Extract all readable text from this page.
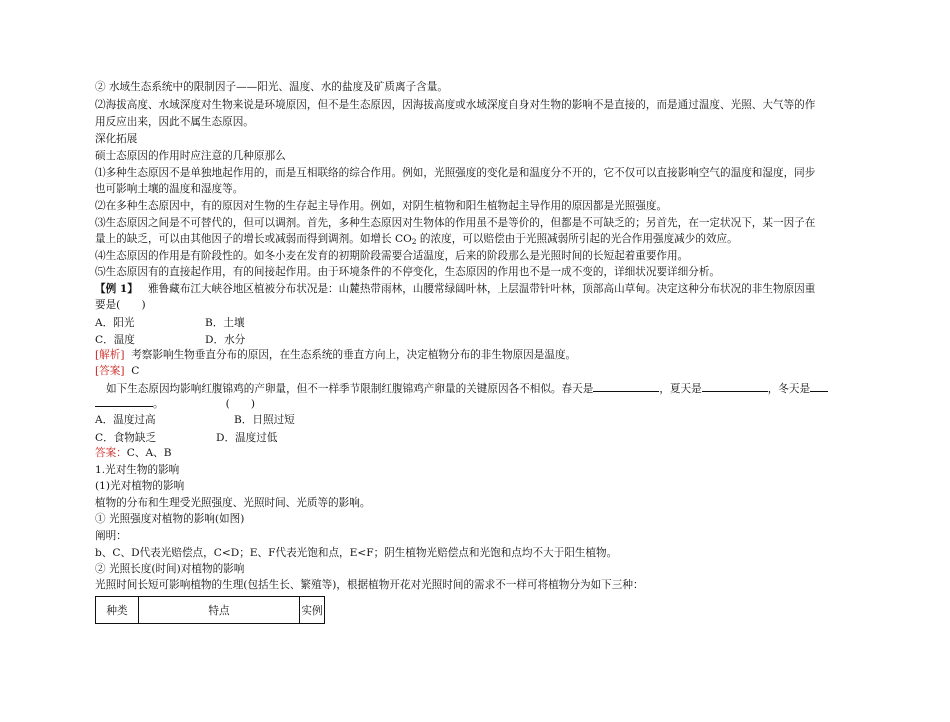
② 水域生态系统中的限制因子——阳光、温度、水的盐度及矿质离子含量。
⑵海拔高度、水域深度对生物来说是环境原因，但不是生态原因，因海拔高度或水域深度自身对生物的影响不是直接的，而是通过温度、光照、大气等的作
用反应出来，因此不属生态原因。
深化拓展
硕士态原因的作用时应注意的几种原那么
⑴多种生态原因不是单独地起作用的，而是互相联络的综合作用。例如，光照强度的变化是和温度分不开的，它不仅可以直接影响空气的温度和湿度，同步
也可影响土壤的温度和湿度等。
⑵在多种生态原因中，有的原因对生物的生存起主导作用。例如，对阴生植物和阳生植物起主导作用的原因都是光照强度。
⑶生态原因之间是不可替代的，但可以调剂。首先，多种生态原因对生物体的作用虽不是等价的，但都是不可缺乏的；另首先，在一定状况下，某一因子在
量上的缺乏，可以由其他因子的增长或减弱而得到调剂。如增长 $CO_2$ 的浓度，可以赔偿由于光照减弱所引起的光合作用强度减少的效应。
⑷生态原因的作用是有阶段性的。如冬小麦在发育的初期阶段需要合适温度，后来的阶段那么是光照时间的长短起着重要作用。
⑸生态原因有的直接起作用，有的间接起作用。由于环境条件的不停变化，生态原因的作用也不是一成不变的，详细状况要详细分析。
【例 1】 雅鲁藏布江大峡谷地区植被分布状况是：山麓热带雨林，山腰常绿阔叶林，上层温带针叶林，顶部高山草甸。决定这种分布状况的非生物原因重
要是(　　)
A．阳光	B．土壤
C．温度	D．水分
[解析] 考察影响生物垂直分布的原因，在生态系统的垂直方向上，决定植物分布的非生物原因是温度。
[答案] C
如下生态原因均影响红腹锦鸡的产卵量，但不一样季节限制红腹锦鸡产卵量的关键原因各不相似。春天是	，夏天是	，冬天是
。	(　　)
A．温度过高	B．日照过短
C．食物缺乏	D．温度过低
答案：C、A、B
1.光对生物的影响
(1)光对植物的影响
植物的分布和生理受光照强度、光照时间、光质等的影响。
① 光照强度对植物的影响(如图)
阐明：
b、C、D代表光赔偿点，C<D；E、F代表光饱和点，E<F；阴生植物光赔偿点和光饱和点均不大于阳生植物。
② 光照长度(时间)对植物的影响
光照时间长短可影响植物的生理(包括生长、繁殖等)，根据植物开花对光照时间的需求不一样可将植物分为如下三种：
种类	特点	实例
